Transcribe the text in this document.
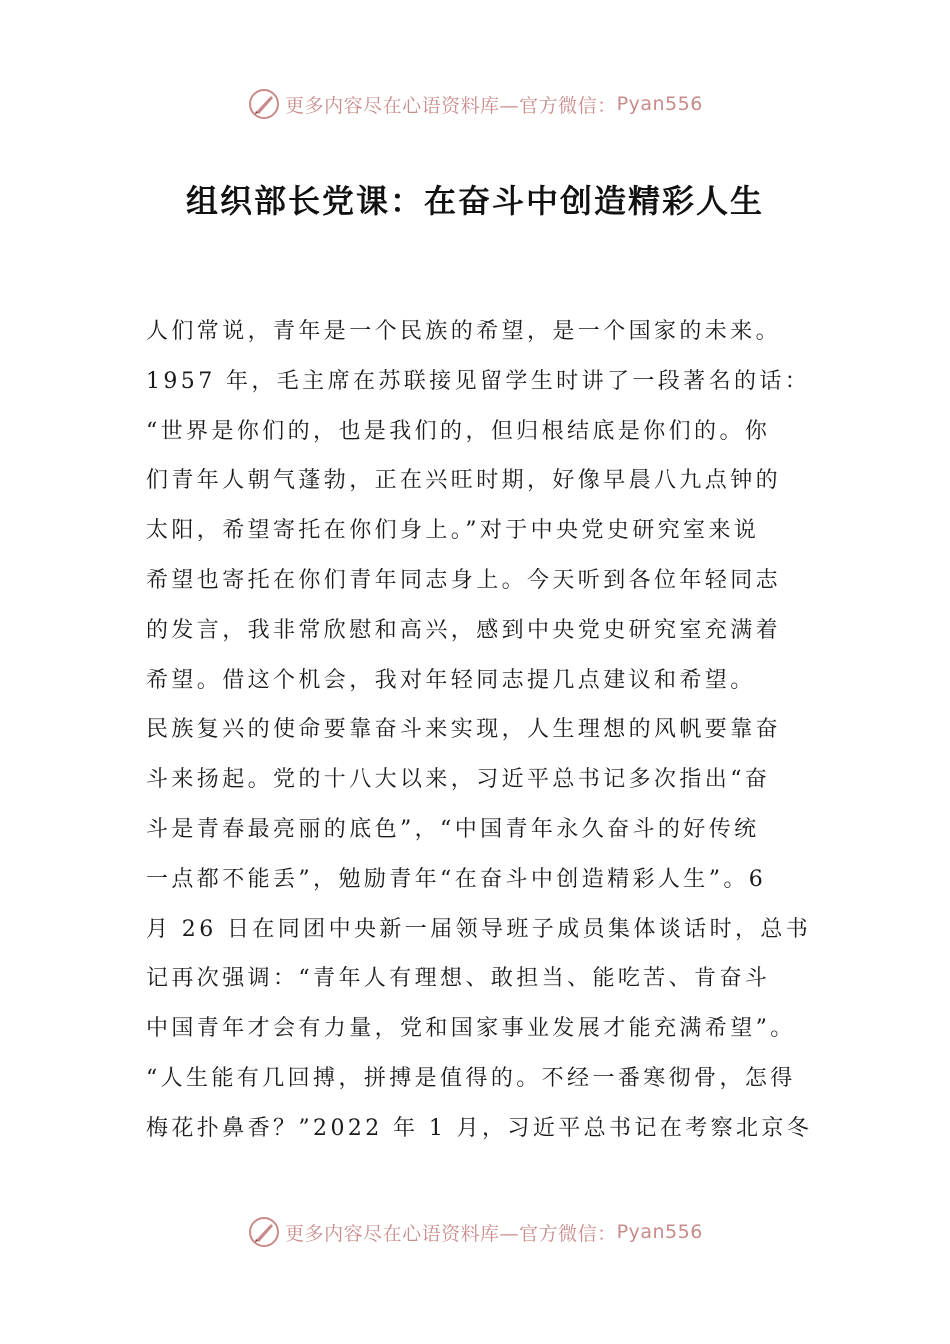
更多内容尽在心语资料库—官方微信： Pyan556
组织部长党课：在奋斗中创造精彩人生
人们常说，青年是一个民族的希望，是一个国家的未来。
1957 年，毛主席在苏联接见留学生时讲了一段著名的话：
“世界是你们的，也是我们的，但归根结底是你们的。你
们青年人朝气蓬勃，正在兴旺时期，好像早晨八九点钟的
太阳，希望寄托在你们身上。”对于中央党史研究室来说
希望也寄托在你们青年同志身上。今天听到各位年轻同志
的发言，我非常欣慰和高兴，感到中央党史研究室充满着
希望。借这个机会，我对年轻同志提几点建议和希望。
民族复兴的使命要靠奋斗来实现，人生理想的风帆要靠奋
斗来扬起。党的十八大以来，习近平总书记多次指出“奋
斗是青春最亮丽的底色”，“中国青年永久奋斗的好传统
一点都不能丢”，勉励青年“在奋斗中创造精彩人生”。6
月 26 日在同团中央新一届领导班子成员集体谈话时，总书
记再次强调：“青年人有理想、敢担当、能吃苦、肯奋斗
中国青年才会有力量，党和国家事业发展才能充满希望”。
“人生能有几回搏，拼搏是值得的。不经一番寒彻骨，怎得
梅花扑鼻香？”2022 年 1 月，习近平总书记在考察北京冬
更多内容尽在心语资料库—官方微信： Pyan556
